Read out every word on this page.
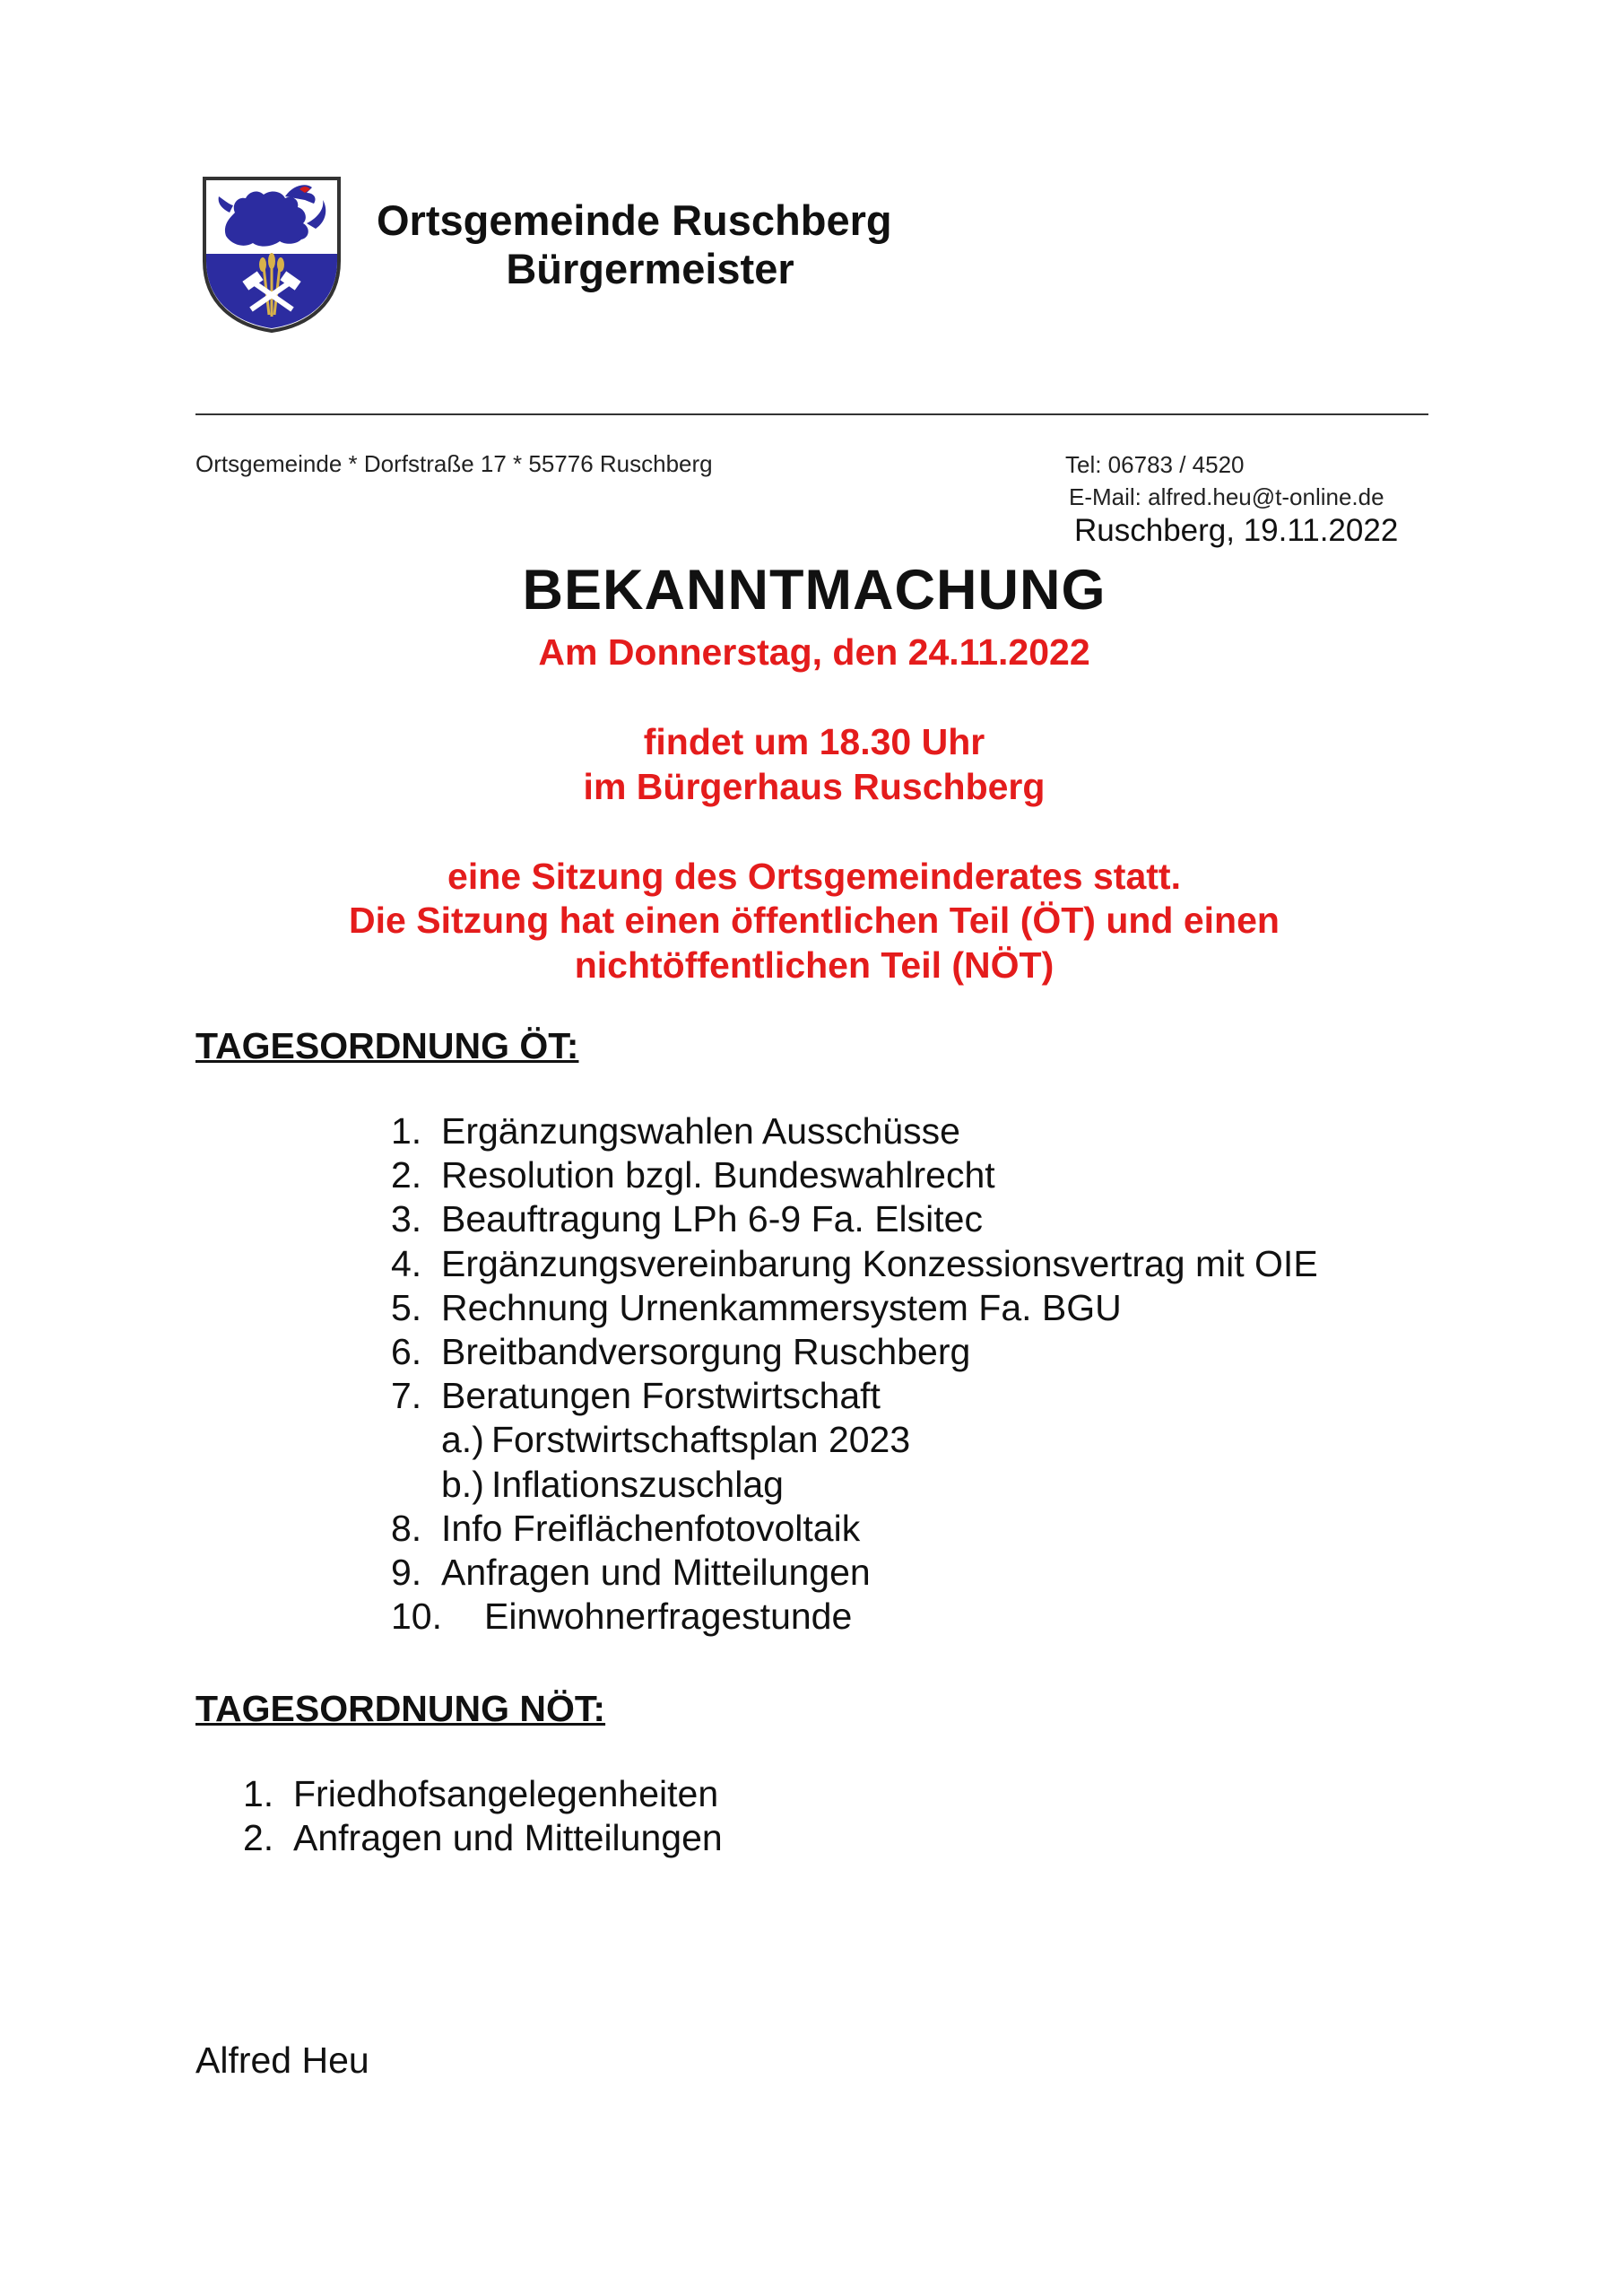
Ortsgemeinde Ruschberg
Bürgermeister
Ortsgemeinde * Dorfstraße 17 * 55776 Ruschberg	Tel: 06783 / 4520
E-Mail: alfred.heu@t-online.de
Ruschberg, 19.11.2022
BEKANNTMACHUNG
Am Donnerstag, den 24.11.2022
findet um 18.30 Uhr
im Bürgerhaus Ruschberg
eine Sitzung des Ortsgemeinderates statt.
Die Sitzung hat einen öffentlichen Teil (ÖT) und einen
nichtöffentlichen Teil (NÖT)
TAGESORDNUNG ÖT:
1. Ergänzungswahlen Ausschüsse
2. Resolution bzgl. Bundeswahlrecht
3. Beauftragung LPh 6-9 Fa. Elsitec
4. Ergänzungsvereinbarung Konzessionsvertrag mit OIE
5. Rechnung Urnenkammersystem Fa. BGU
6. Breitbandversorgung Ruschberg
7. Beratungen Forstwirtschaft
a.) Forstwirtschaftsplan 2023
b.) Inflationszuschlag
8. Info Freiflächenfotovoltaik
9. Anfragen und Mitteilungen
10.	Einwohnerfragestunde
TAGESORDNUNG NÖT:
1. Friedhofsangelegenheiten
2. Anfragen und Mitteilungen
Alfred Heu
